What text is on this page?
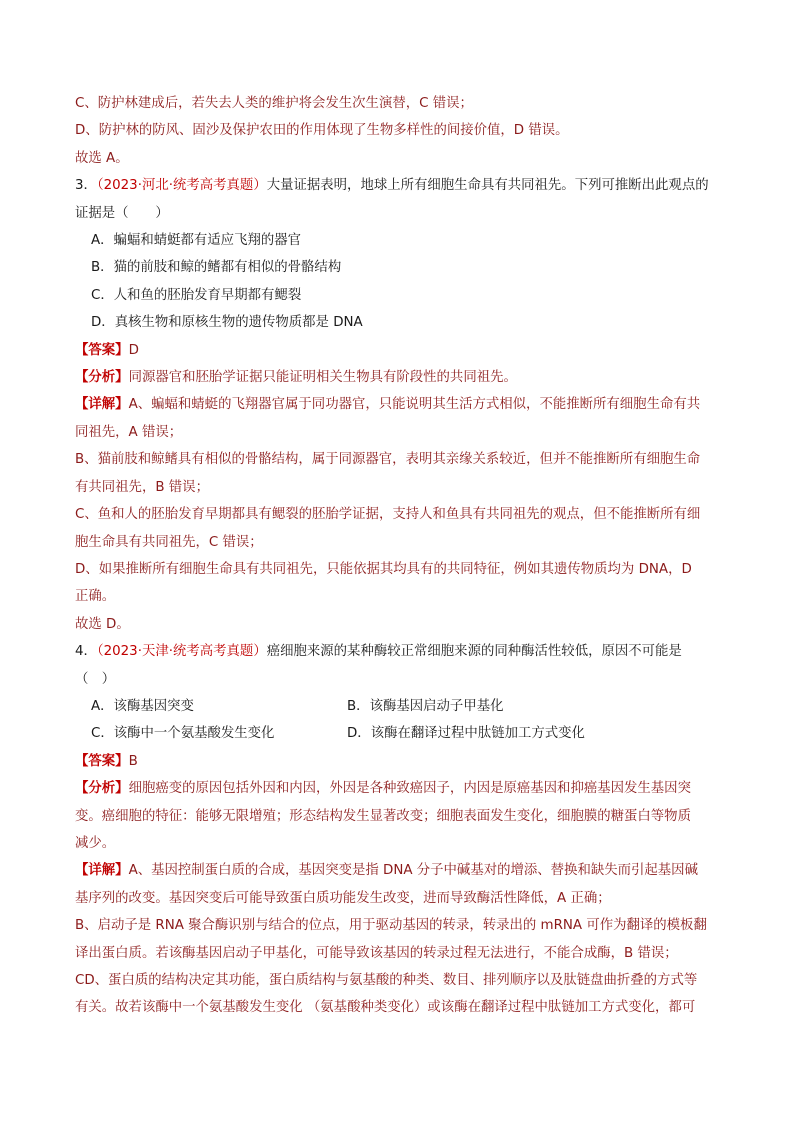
C、防护林建成后，若失去人类的维护将会发生次生演替，C 错误；
D、防护林的防风、固沙及保护农田的作用体现了生物多样性的间接价值，D 错误。
故选 A。
3．（2023·河北·统考高考真题）大量证据表明，地球上所有细胞生命具有共同祖先。下列可推断出此观点的
证据是（　　）
A．蝙蝠和蜻蜓都有适应飞翔的器官
B．猫的前肢和鲸的鳍都有相似的骨骼结构
C．人和鱼的胚胎发育早期都有鳃裂
D．真核生物和原核生物的遗传物质都是 DNA
【答案】D
【分析】同源器官和胚胎学证据只能证明相关生物具有阶段性的共同祖先。
【详解】A、蝙蝠和蜻蜓的飞翔器官属于同功器官，只能说明其生活方式相似，不能推断所有细胞生命有共
同祖先，A 错误；
B、猫前肢和鲸鳍具有相似的骨骼结构，属于同源器官，表明其亲缘关系较近，但并不能推断所有细胞生命
有共同祖先，B 错误；
C、鱼和人的胚胎发育早期都具有鳃裂的胚胎学证据，支持人和鱼具有共同祖先的观点，但不能推断所有细
胞生命具有共同祖先，C 错误；
D、如果推断所有细胞生命具有共同祖先，只能依据其均具有的共同特征，例如其遗传物质均为 DNA，D
正确。
故选 D。
4．（2023·天津·统考高考真题）癌细胞来源的某种酶较正常细胞来源的同种酶活性较低，原因不可能是
（　）
A．该酶基因突变	B．该酶基因启动子甲基化
C．该酶中一个氨基酸发生变化	D．该酶在翻译过程中肽链加工方式变化
【答案】B
【分析】细胞癌变的原因包括外因和内因，外因是各种致癌因子，内因是原癌基因和抑癌基因发生基因突
变。癌细胞的特征：能够无限增殖；形态结构发生显著改变；细胞表面发生变化，细胞膜的糖蛋白等物质
减少。
【详解】A、基因控制蛋白质的合成，基因突变是指 DNA 分子中碱基对的增添、替换和缺失而引起基因碱
基序列的改变。基因突变后可能导致蛋白质功能发生改变，进而导致酶活性降低，A 正确；
B、启动子是 RNA 聚合酶识别与结合的位点，用于驱动基因的转录，转录出的 mRNA 可作为翻译的模板翻
译出蛋白质。若该酶基因启动子甲基化，可能导致该基因的转录过程无法进行，不能合成酶，B 错误；
CD、蛋白质的结构决定其功能，蛋白质结构与氨基酸的种类、数目、排列顺序以及肽链盘曲折叠的方式等
有关。故若该酶中一个氨基酸发生变化 （氨基酸种类变化）或该酶在翻译过程中肽链加工方式变化，都可
